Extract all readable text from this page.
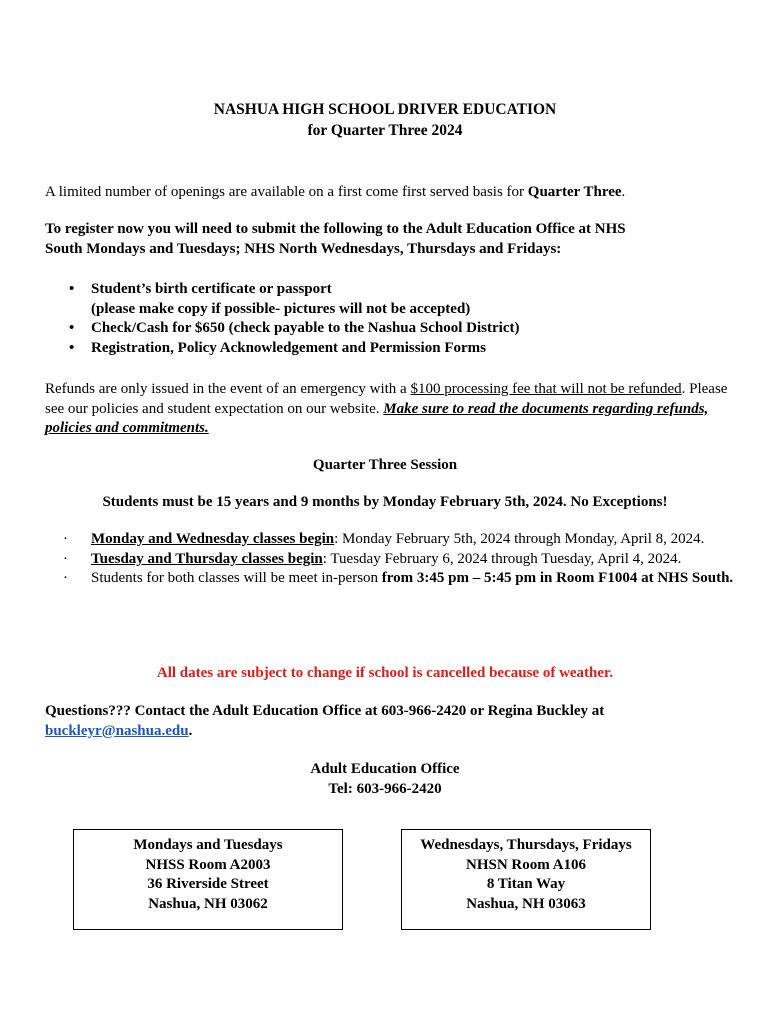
NASHUA HIGH SCHOOL DRIVER EDUCATION
for Quarter Three 2024
A limited number of openings are available on a first come first served basis for Quarter Three.
To register now you will need to submit the following to the Adult Education Office at NHS
South Mondays and Tuesdays; NHS North Wednesdays, Thursdays and Fridays:
• Student’s birth certificate or passport
(please make copy if possible- pictures will not be accepted)
• Check/Cash for $650 (check payable to the Nashua School District)
• Registration, Policy Acknowledgement and Permission Forms
Refunds are only issued in the event of an emergency with a $100 processing fee that will not be refunded. Please see our policies and student expectation on our website. Make sure to read the documents regarding refunds, policies and commitments.
Quarter Three Session
Students must be 15 years and 9 months by Monday February 5th, 2024. No Exceptions!
· Monday and Wednesday classes begin: Monday February 5th, 2024 through Monday, April 8, 2024.
· Tuesday and Thursday classes begin: Tuesday February 6, 2024 through Tuesday, April 4, 2024.
· Students for both classes will be meet in-person from 3:45 pm – 5:45 pm in Room F1004 at NHS South.
All dates are subject to change if school is cancelled because of weather.
Questions??? Contact the Adult Education Office at 603-966-2420 or Regina Buckley at buckleyr@nashua.edu.
Adult Education Office
Tel: 603-966-2420
Mondays and Tuesdays
NHSS Room A2003
36 Riverside Street
Nashua, NH 03062
Wednesdays, Thursdays, Fridays
NHSN Room A106
8 Titan Way
Nashua, NH 03063
